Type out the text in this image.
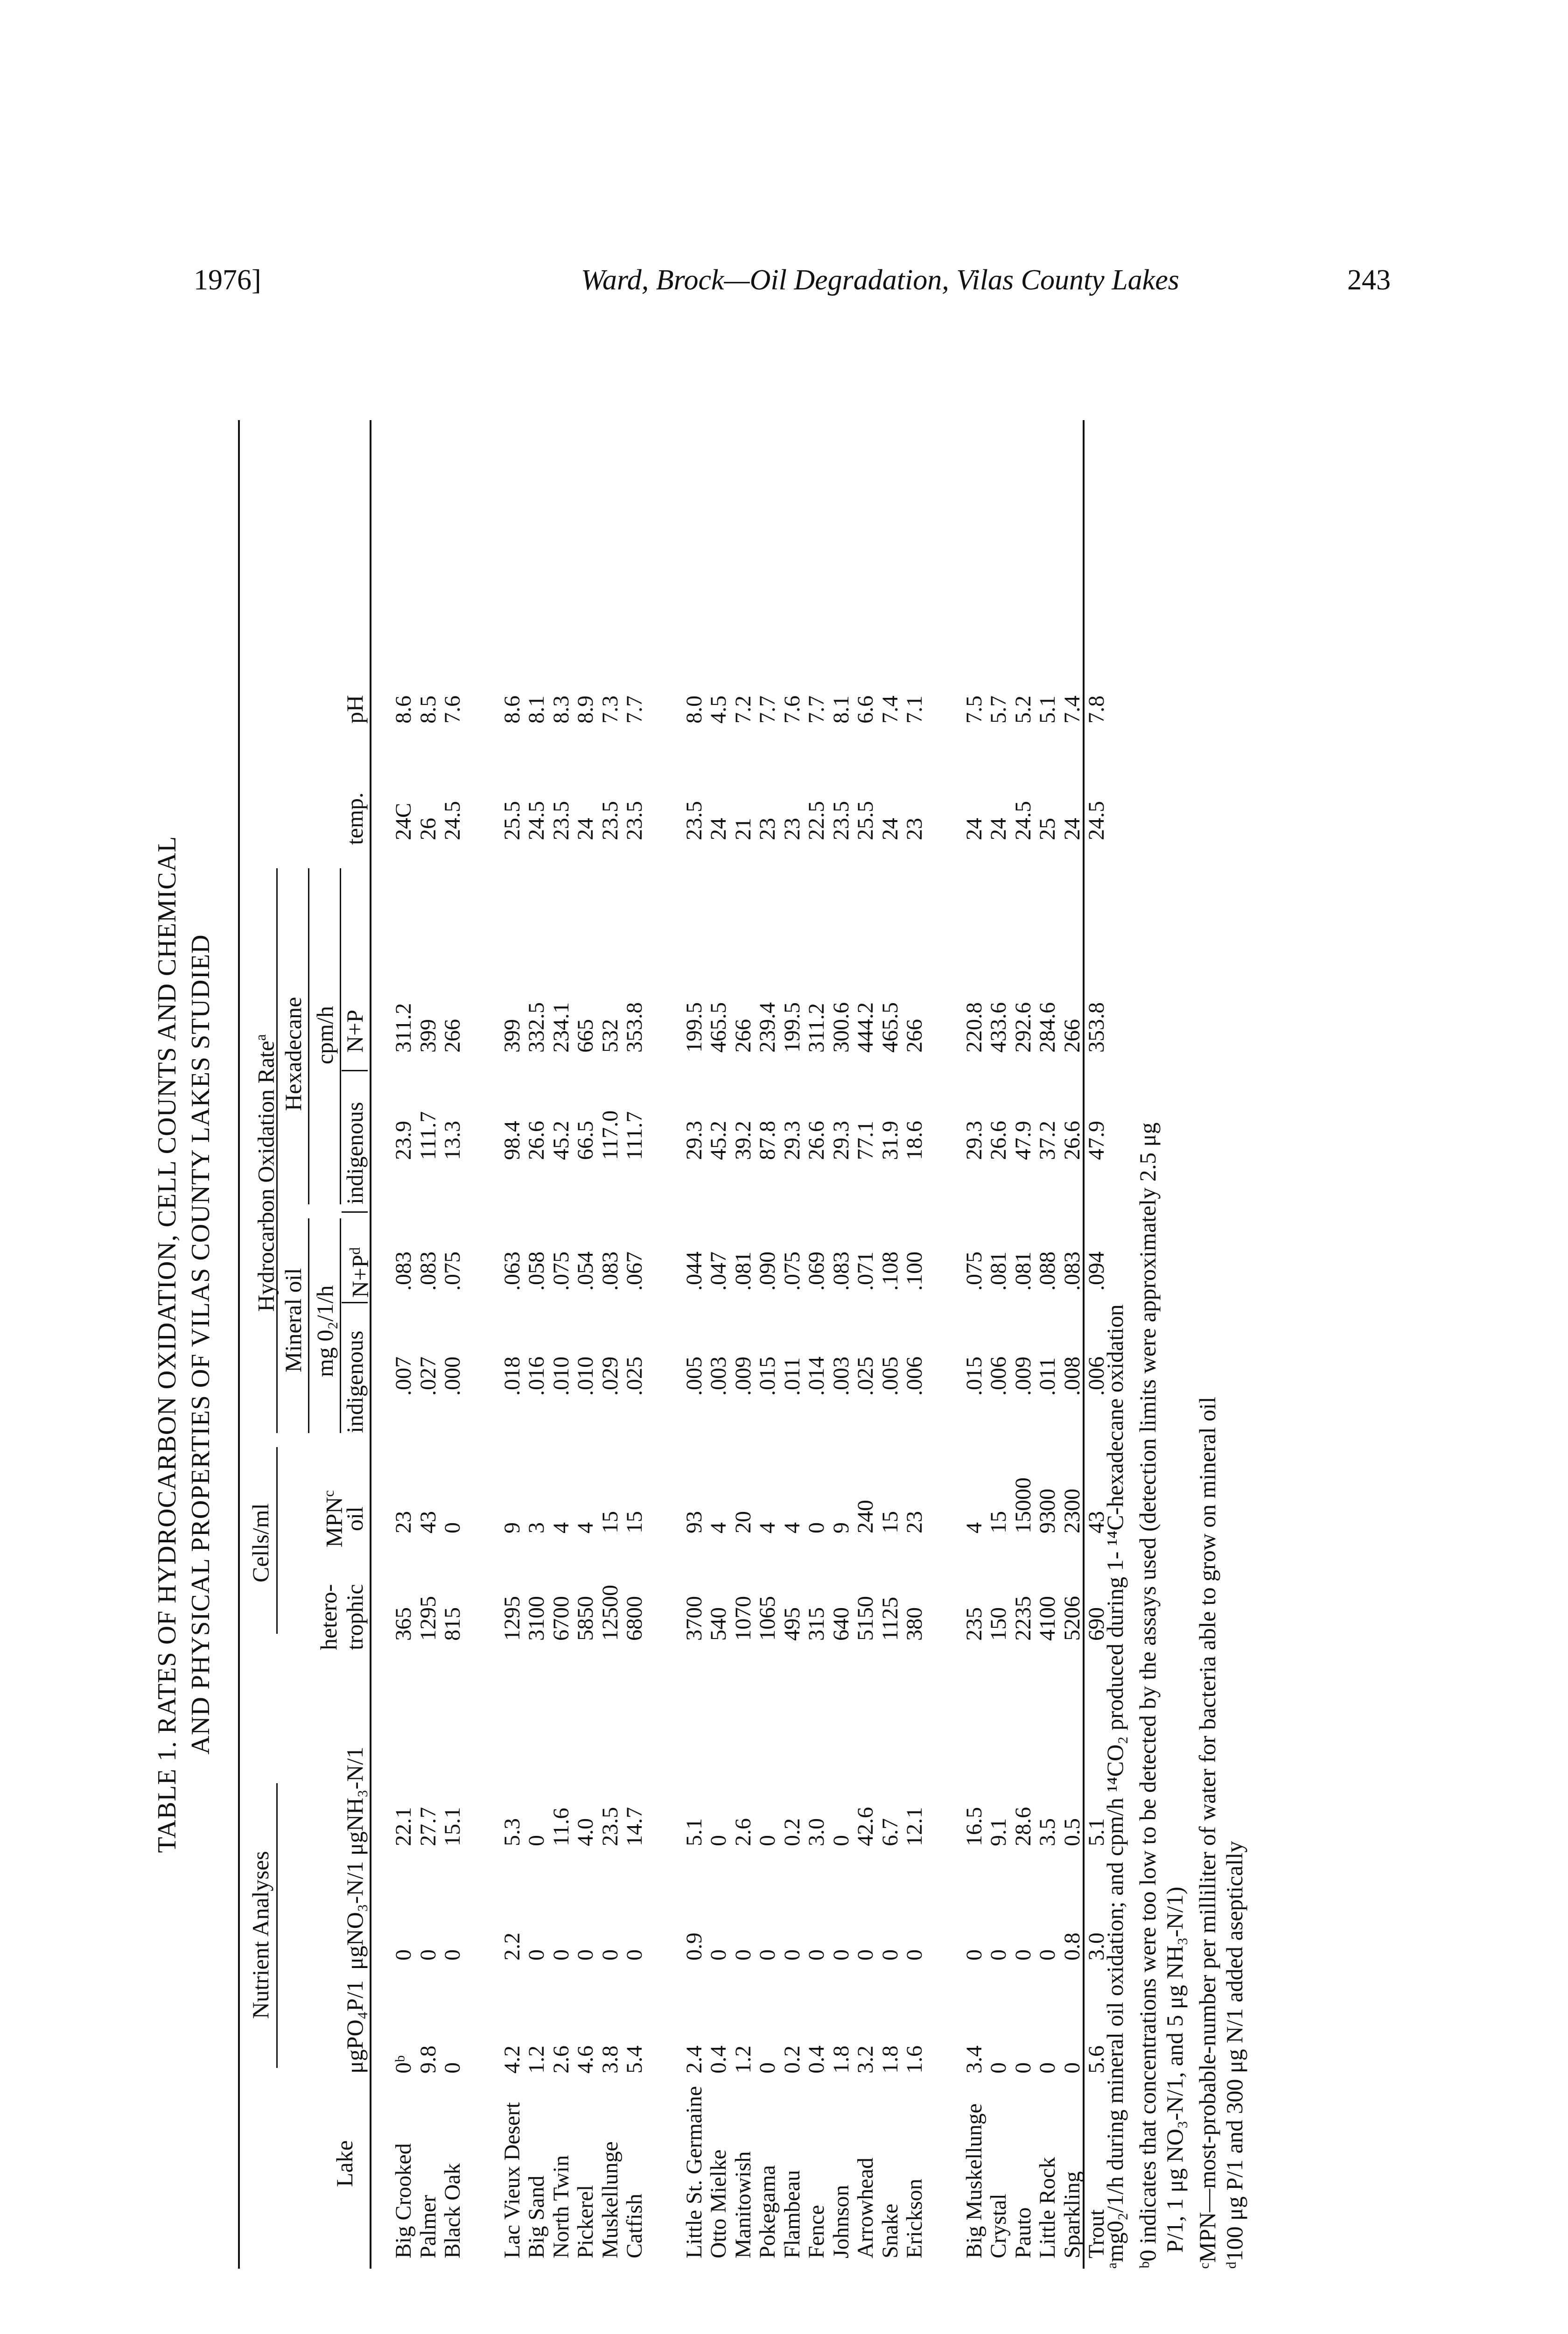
1976]	Ward, Brock—Oil Degradation, Vilas County Lakes	243
TABLE 1. RATES OF HYDROCARBON OXIDATION, CELL COUNTS AND CHEMICAL AND PHYSICAL PROPERTIES OF VILAS COUNTY LAKES STUDIED
Nutrient Analyses
Cells/ml
Hydrocarbon Oxidation Rate$^a$
Mineral oil
Hexadecane
mg 0₂/1/h
cpm/h
Lake
μgPO₄P/1
μgNO₃-N/1
μgNH₃-N/1
hetero- trophic
MPN$^c$
oil
indigenous
$N+P^d$
indigenous
N+P
temp.
pH
Big Crooked
0ᵇ
0
22.1
365
23
.007
.083
23.9
311.2
24C
8.6
Palmer
9.8
0
27.7
1295
43
.027
.083
111.7
399
26
8.5
Black Oak
0
0
15.1
815
0
.000
.075
13.3
266
24.5
7.6
Lac Vieux Desert
4.2
2.2
5.3
1295
9
.018
.063
98.4
399
25.5
8.6
Big Sand
1.2
0
0
3100
3
.016
.058
26.6
332.5
24.5
8.1
North Twin
2.6
0
11.6
6700
4
.010
.075
45.2
234.1
23.5
8.3
Pickerel
4.6
0
4.0
5850
4
.010
.054
66.5
665
24
8.9
Muskellunge
3.8
0
23.5
12500
15
.029
.083
117.0
532
23.5
7.3
Catfish
5.4
0
14.7
6800
15
.025
.067
111.7
353.8
23.5
7.7
Little St. Germaine
2.4
0.9
5.1
3700
93
.005
.044
29.3
199.5
23.5
8.0
Otto Mielke
0.4
0
0
540
4
.003
.047
45.2
465.5
24
4.5
Manitowish
1.2
0
2.6
1070
20
.009
.081
39.2
266
21
7.2
Pokegama
0
0
0
1065
4
.015
.090
87.8
239.4
23
7.7
Flambeau
0.2
0
0.2
495
4
.011
.075
29.3
199.5
23
7.6
Fence
0.4
0
3.0
315
0
.014
.069
26.6
311.2
22.5
7.7
Johnson
1.8
0
0
640
9
.003
.083
29.3
300.6
23.5
8.1
Arrowhead
3.2
0
42.6
5150
240
.025
.071
77.1
444.2
25.5
6.6
Snake
1.8
0
6.7
1125
15
.005
.108
31.9
465.5
24
7.4
Erickson
1.6
0
12.1
380
23
.006
.100
18.6
266
23
7.1
Big Muskellunge
3.4
0
16.5
235
4
.015
.075
29.3
220.8
24
7.5
Crystal
0
0
9.1
150
15
.006
.081
26.6
433.6
24
5.7
Pauto
0
0
28.6
2235
15000
.009
.081
47.9
292.6
24.5
5.2
Little Rock
0
0
3.5
4100
9300
.011
.088
37.2
284.6
25
5.1
Sparkling
0
0.8
0.5
5206
2300
.008
.083
26.6
266
24
7.4
Trout
5.6
3.0
5.1
690
43
.006
.094
47.9
353.8
24.5
7.8
ᵃmg0₂/1/h during mineral oil oxidation; and cpm/h ¹⁴CO₂ produced during 1- ¹⁴C-hexadecane oxidation ᵇ0 indicates that concentrations were too low to be detected by the assays used (detection limits were approximately 2.5 μg P/1, 1 μg NO₃-N/1, and 5 μg NH₃-N/1) ᶜMPN—most-probable-number per milliliter of water for bacteria able to grow on mineral oil ᵈ100 μg P/1 and 300 μg N/1 added aseptically
